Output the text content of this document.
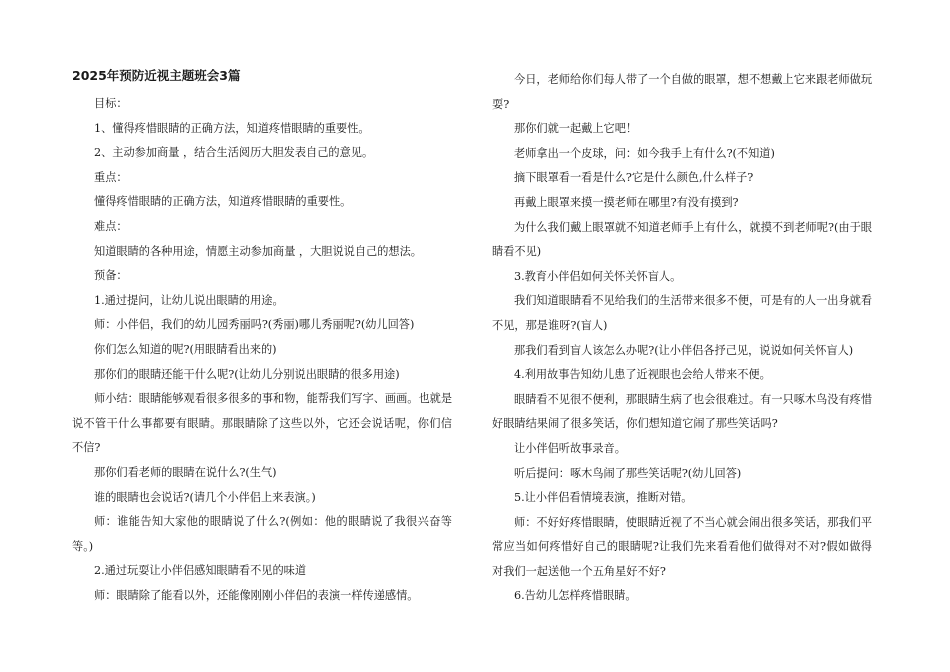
2025年预防近视主题班会3篇

目标：

1、懂得疼惜眼睛的正确方法，知道疼惜眼睛的重要性。

2、主动参加商量 ，结合生活阅历大胆发表自己的意见。

重点：

懂得疼惜眼睛的正确方法，知道疼惜眼睛的重要性。

难点：

知道眼睛的各种用途，情愿主动参加商量 ，大胆说说自己的想法。

预备：

1.通过提问，让幼儿说出眼睛的用途。

师：小伴侣，我们的幼儿园秀丽吗?(秀丽)哪儿秀丽呢?(幼儿回答)

你们怎么知道的呢?(用眼睛看出来的)

那你们的眼睛还能干什么呢?(让幼儿分别说出眼睛的很多用途)

师小结：眼睛能够观看很多很多的事和物，能帮我们写字、画画。也就是说不管干什么事都要有眼睛。那眼睛除了这些以外，它还会说话呢，你们信不信?

那你们看老师的眼睛在说什么?(生气)

谁的眼睛也会说话?(请几个小伴侣上来表演。)

师：谁能告知大家他的眼睛说了什么?(例如：他的眼睛说了我很兴奋等等。)

2.通过玩耍让小伴侣感知眼睛看不见的味道

师：眼睛除了能看以外，还能像刚刚小伴侣的表演一样传递感情。

今日，老师给你们每人带了一个自做的眼罩，想不想戴上它来跟老师做玩耍?

那你们就一起戴上它吧！

老师拿出一个皮球，问：如今我手上有什么?(不知道)

摘下眼罩看一看是什么?它是什么颜色,什么样子?

再戴上眼罩来摸一摸老师在哪里?有没有摸到?

为什么我们戴上眼罩就不知道老师手上有什么，就摸不到老师呢?(由于眼睛看不见)

3.教育小伴侣如何关怀关怀盲人。

我们知道眼睛看不见给我们的生活带来很多不便，可是有的人一出身就看不见，那是谁呀?(盲人)

那我们看到盲人该怎么办呢?(让小伴侣各抒己见，说说如何关怀盲人)

4.利用故事告知幼儿患了近视眼也会给人带来不便。

眼睛看不见很不便利，那眼睛生病了也会很难过。有一只啄木鸟没有疼惜好眼睛结果闹了很多笑话，你们想知道它闹了那些笑话吗?

让小伴侣听故事录音。

听后提问：啄木鸟闹了那些笑话呢?(幼儿回答)

5.让小伴侣看情境表演，推断对错。

师：不好好疼惜眼睛，使眼睛近视了不当心就会闹出很多笑话，那我们平常应当如何疼惜好自己的眼睛呢?让我们先来看看他们做得对不对?假如做得对我们一起送他一个五角星好不好?

6.告幼儿怎样疼惜眼睛。
